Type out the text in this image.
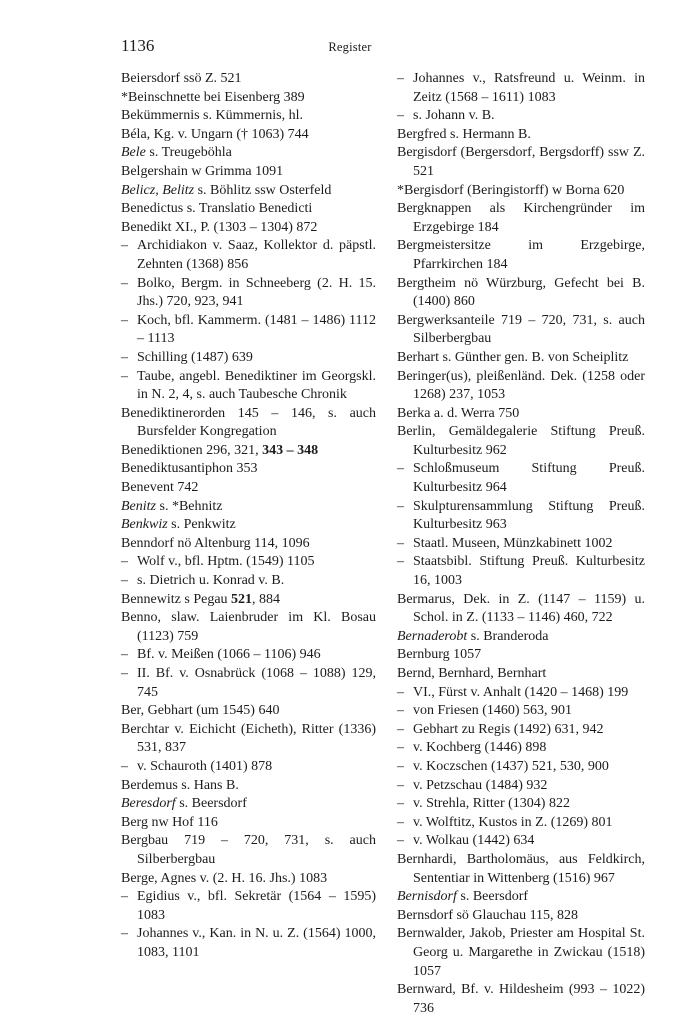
1136	Register
Beiersdorf ssö Z. 521
*Beinschnette bei Eisenberg 389
Bekümmernis s. Kümmernis, hl.
Béla, Kg. v. Ungarn († 1063) 744
Bele s. Treugeböhla
Belgershain w Grimma 1091
Belicz, Belitz s. Böhlitz ssw Osterfeld
Benedictus s. Translatio Benedicti
Benedikt XI., P. (1303 – 1304) 872
– Archidiakon v. Saaz, Kollektor d. päpstl. Zehnten (1368) 856
– Bolko, Bergm. in Schneeberg (2. H. 15. Jhs.) 720, 923, 941
– Koch, bfl. Kammerm. (1481 – 1486) 1112 – 1113
– Schilling (1487) 639
– Taube, angebl. Benediktiner im Georgskl. in N. 2, 4, s. auch Taubesche Chronik
Benediktinerorden 145 – 146, s. auch Bursfelder Kongregation
Benediktionen 296, 321, 343 – 348
Benediktusantiphon 353
Benevent 742
Benitz s. *Behnitz
Benkwiz s. Penkwitz
Benndorf nö Altenburg 114, 1096
– Wolf v., bfl. Hptm. (1549) 1105
– s. Dietrich u. Konrad v. B.
Bennewitz s Pegau 521, 884
Benno, slaw. Laienbruder im Kl. Bosau (1123) 759
– Bf. v. Meißen (1066 – 1106) 946
– II. Bf. v. Osnabrück (1068 – 1088) 129, 745
Ber, Gebhart (um 1545) 640
Berchtar v. Eichicht (Eicheth), Ritter (1336) 531, 837
– v. Schauroth (1401) 878
Berdemus s. Hans B.
Beresdorf s. Beersdorf
Berg nw Hof 116
Bergbau 719 – 720, 731, s. auch Silberbergbau
Berge, Agnes v. (2. H. 16. Jhs.) 1083
– Egidius v., bfl. Sekretär (1564 – 1595) 1083
– Johannes v., Kan. in N. u. Z. (1564) 1000, 1083, 1101
– Johannes v., Ratsfreund u. Weinm. in Zeitz (1568 – 1611) 1083
– s. Johann v. B.
Bergfred s. Hermann B.
Bergisdorf (Bergersdorf, Bergsdorff) ssw Z. 521
*Bergisdorf (Beringistorff) w Borna 620
Bergknappen als Kirchengründer im Erzgebirge 184
Bergmeistersitze im Erzgebirge, Pfarrkirchen 184
Bergtheim nö Würzburg, Gefecht bei B. (1400) 860
Bergwerksanteile 719 – 720, 731, s. auch Silberbergbau
Berhart s. Günther gen. B. von Scheiplitz
Beringer(us), pleißenländ. Dek. (1258 oder 1268) 237, 1053
Berka a. d. Werra 750
Berlin, Gemäldegalerie Stiftung Preuß. Kulturbesitz 962
– Schloßmuseum Stiftung Preuß. Kulturbesitz 964
– Skulpturensammlung Stiftung Preuß. Kulturbesitz 963
– Staatl. Museen, Münzkabinett 1002
– Staatsbibl. Stiftung Preuß. Kulturbesitz 16, 1003
Bermarus, Dek. in Z. (1147 – 1159) u. Schol. in Z. (1133 – 1146) 460, 722
Bernaderobt s. Branderoda
Bernburg 1057
Bernd, Bernhard, Bernhart
– VI., Fürst v. Anhalt (1420 – 1468) 199
– von Friesen (1460) 563, 901
– Gebhart zu Regis (1492) 631, 942
– v. Kochberg (1446) 898
– v. Koczschen (1437) 521, 530, 900
– v. Petzschau (1484) 932
– v. Strehla, Ritter (1304) 822
– v. Wolftitz, Kustos in Z. (1269) 801
– v. Wolkau (1442) 634
Bernhardi, Bartholomäus, aus Feldkirch, Sententiar in Wittenberg (1516) 967
Bernisdorf s. Beersdorf
Bernsdorf sö Glauchau 115, 828
Bernwalder, Jakob, Priester am Hospital St. Georg u. Margarethe in Zwickau (1518) 1057
Bernward, Bf. v. Hildesheim (993 – 1022) 736
